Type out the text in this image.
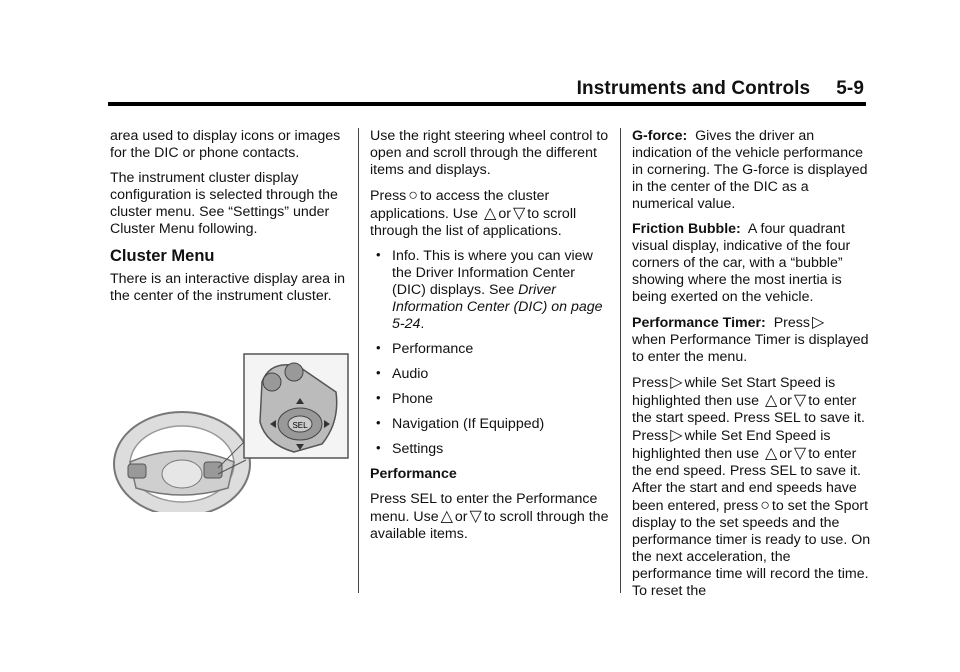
Instruments and Controls 5-9

area used to display icons or images for the DIC or phone contacts.

The instrument cluster display configuration is selected through the cluster menu. See “Settings” under Cluster Menu following.

Cluster Menu

There is an interactive display area in the center of the instrument cluster.

SEL

Use the right steering wheel control to open and scroll through the different items and displays.

Press ○ to access the cluster applications. Use △ or ▽ to scroll through the list of applications.

• Info. This is where you can view the Driver Information Center (DIC) displays. See Driver Information Center (DIC) on page 5-24.
• Performance
• Audio
• Phone
• Navigation (If Equipped)
• Settings

Performance

Press SEL to enter the Performance menu. Use △ or ▽ to scroll through the available items.

G-force: Gives the driver an indication of the vehicle performance in cornering. The G-force is displayed in the center of the DIC as a numerical value.

Friction Bubble: A four quadrant visual display, indicative of the four corners of the car, with a “bubble” showing where the most inertia is being exerted on the vehicle.

Performance Timer: Press ▷
when Performance Timer is displayed to enter the menu.

Press ▷ while Set Start Speed is highlighted then use △ or ▽ to enter the start speed. Press SEL to save it. Press ▷ while Set End Speed is highlighted then use △ or ▽ to enter the end speed. Press SEL to save it. After the start and end speeds have been entered, press ○ to set the Sport display to the set speeds and the performance timer is ready to use. On the next acceleration, the performance time will record the time. To reset the
